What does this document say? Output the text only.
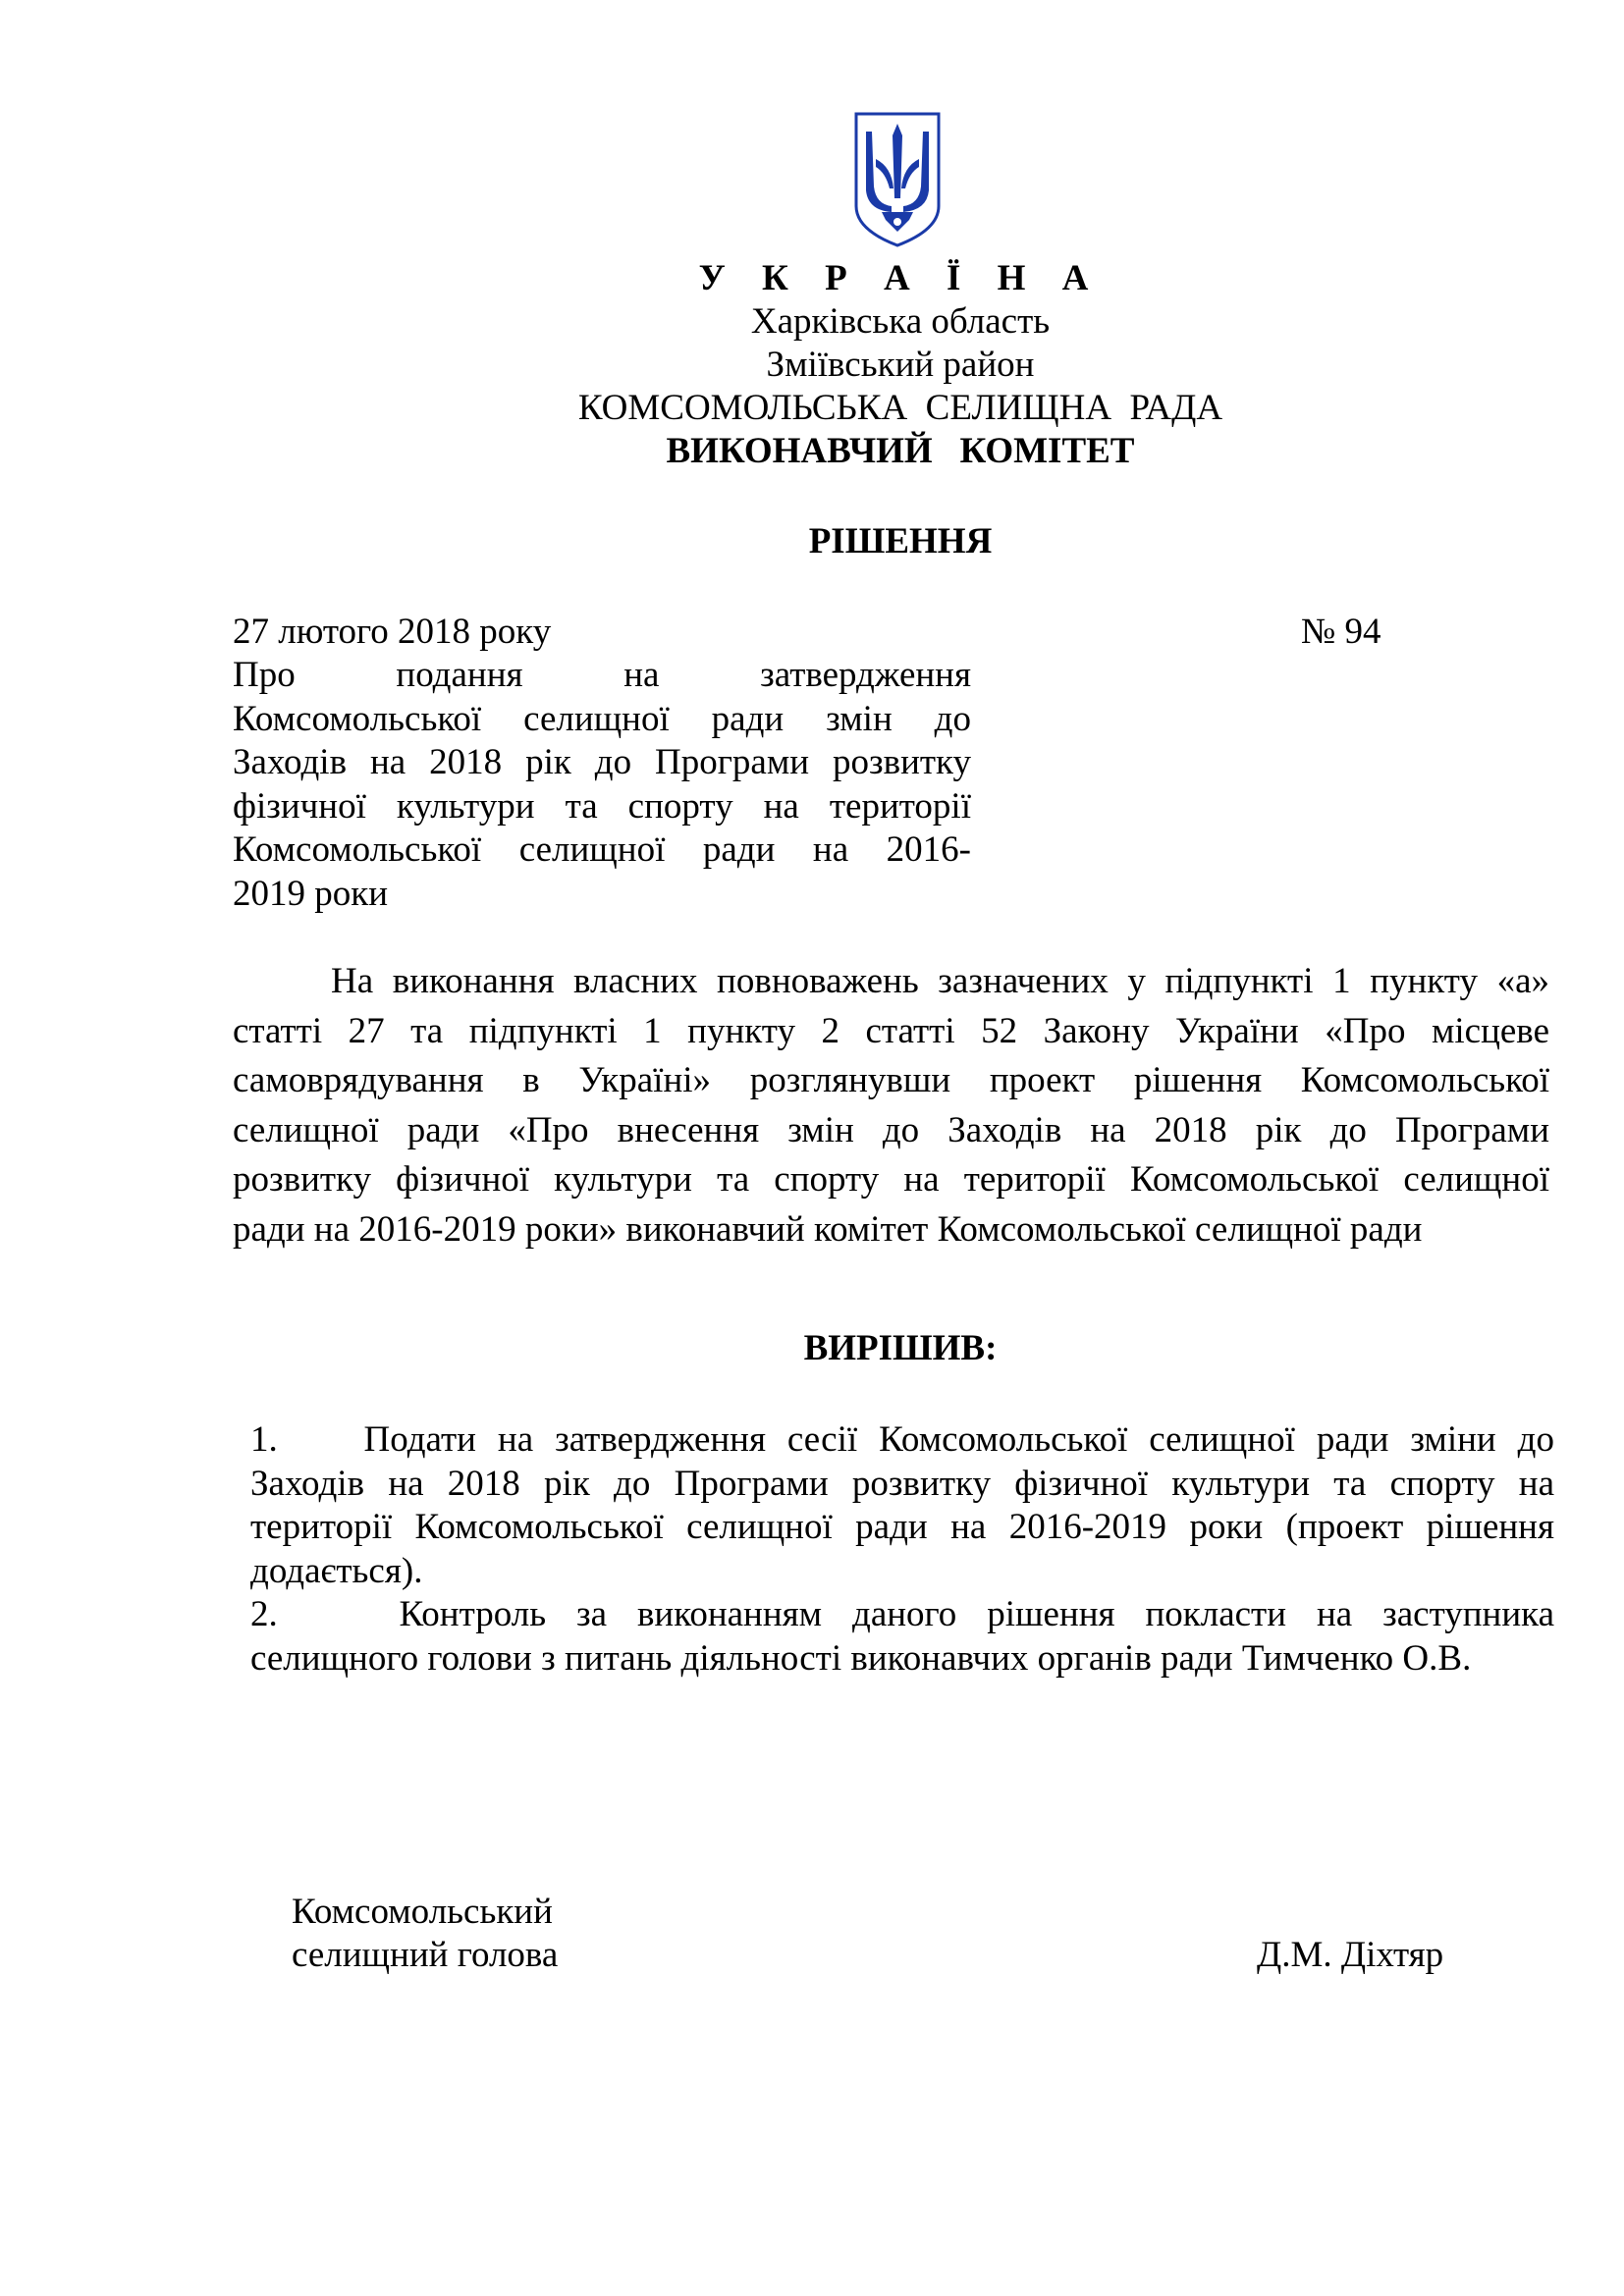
У К Р А Ї Н А
Харківська область
Зміївський район
КОМСОМОЛЬСЬКА  СЕЛИЩНА  РАДА
ВИКОНАВЧИЙ   КОМІТЕТ
РІШЕННЯ
27 лютого 2018 року	№ 94
Про подання на затвердження
Комсомольської селищної ради змін до
Заходів на 2018 рік до Програми розвитку
фізичної культури та спорту на території
Комсомольської селищної ради на 2016-
2019 роки
На виконання власних повноважень зазначених у підпункті 1 пункту «а»
статті 27 та підпункті 1 пункту 2 статті 52 Закону України «Про місцеве
самоврядування в Україні» розглянувши проект рішення Комсомольської
селищної ради «Про внесення змін до Заходів на 2018 рік до Програми
розвитку фізичної культури та спорту на території Комсомольської селищної
ради на 2016-2019 роки» виконавчий комітет Комсомольської селищної ради
ВИРІШИВ:
1.    Подати на затвердження сесії Комсомольської селищної ради зміни до
Заходів на 2018 рік до Програми розвитку фізичної культури та спорту на
території Комсомольської селищної ради на 2016-2019 роки (проект рішення
додається).
2.    Контроль за виконанням даного рішення покласти на заступника
селищного голови з питань діяльності виконавчих органів ради Тимченко О.В.
Комсомольський
селищний голова	Д.М. Діхтяр
